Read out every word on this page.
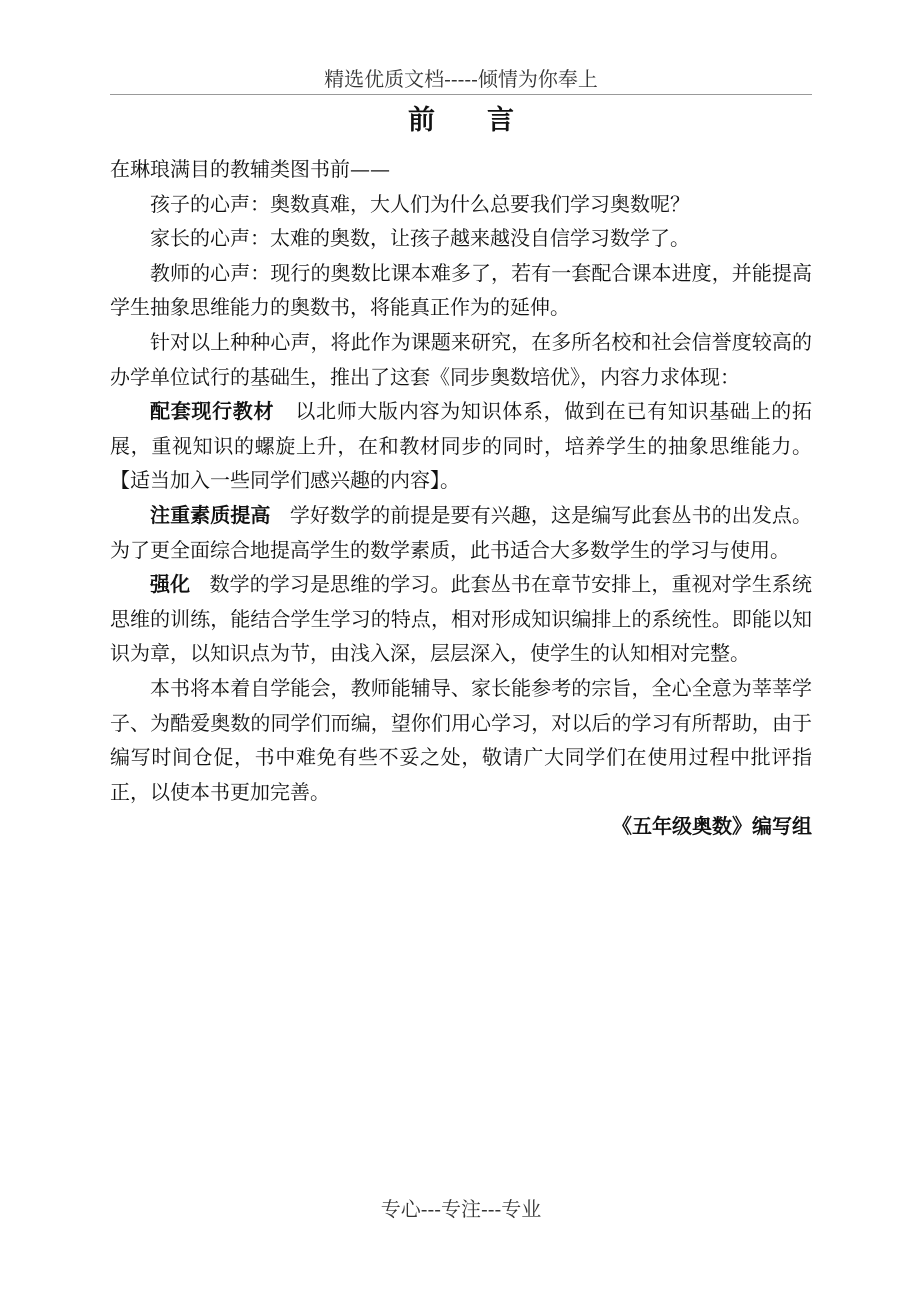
精选优质文档-----倾情为你奉上
前言

在琳琅满目的教辅类图书前——

孩子的心声：奥数真难，大人们为什么总要我们学习奥数呢？

家长的心声：太难的奥数，让孩子越来越没自信学习数学了。

教师的心声：现行的奥数比课本难多了，若有一套配合课本进度，并能提高学生抽象思维能力的奥数书，将能真正作为的延伸。

针对以上种种心声，将此作为课题来研究，在多所名校和社会信誉度较高的办学单位试行的基础生，推出了这套《同步奥数培优》，内容力求体现：

配套现行教材 以北师大版内容为知识体系，做到在已有知识基础上的拓展，重视知识的螺旋上升，在和教材同步的同时，培养学生的抽象思维能力。【适当加入一些同学们感兴趣的内容】。

注重素质提高 学好数学的前提是要有兴趣，这是编写此套丛书的出发点。为了更全面综合地提高学生的数学素质，此书适合大多数学生的学习与使用。

强化 数学的学习是思维的学习。此套丛书在章节安排上，重视对学生系统思维的训练，能结合学生学习的特点，相对形成知识编排上的系统性。即能以知识为章，以知识点为节，由浅入深，层层深入，使学生的认知相对完整。

本书将本着自学能会，教师能辅导、家长能参考的宗旨，全心全意为莘莘学子、为酷爱奥数的同学们而编，望你们用心学习，对以后的学习有所帮助，由于编写时间仓促，书中难免有些不妥之处，敬请广大同学们在使用过程中批评指正，以使本书更加完善。

《五年级奥数》编写组

专心---专注---专业
